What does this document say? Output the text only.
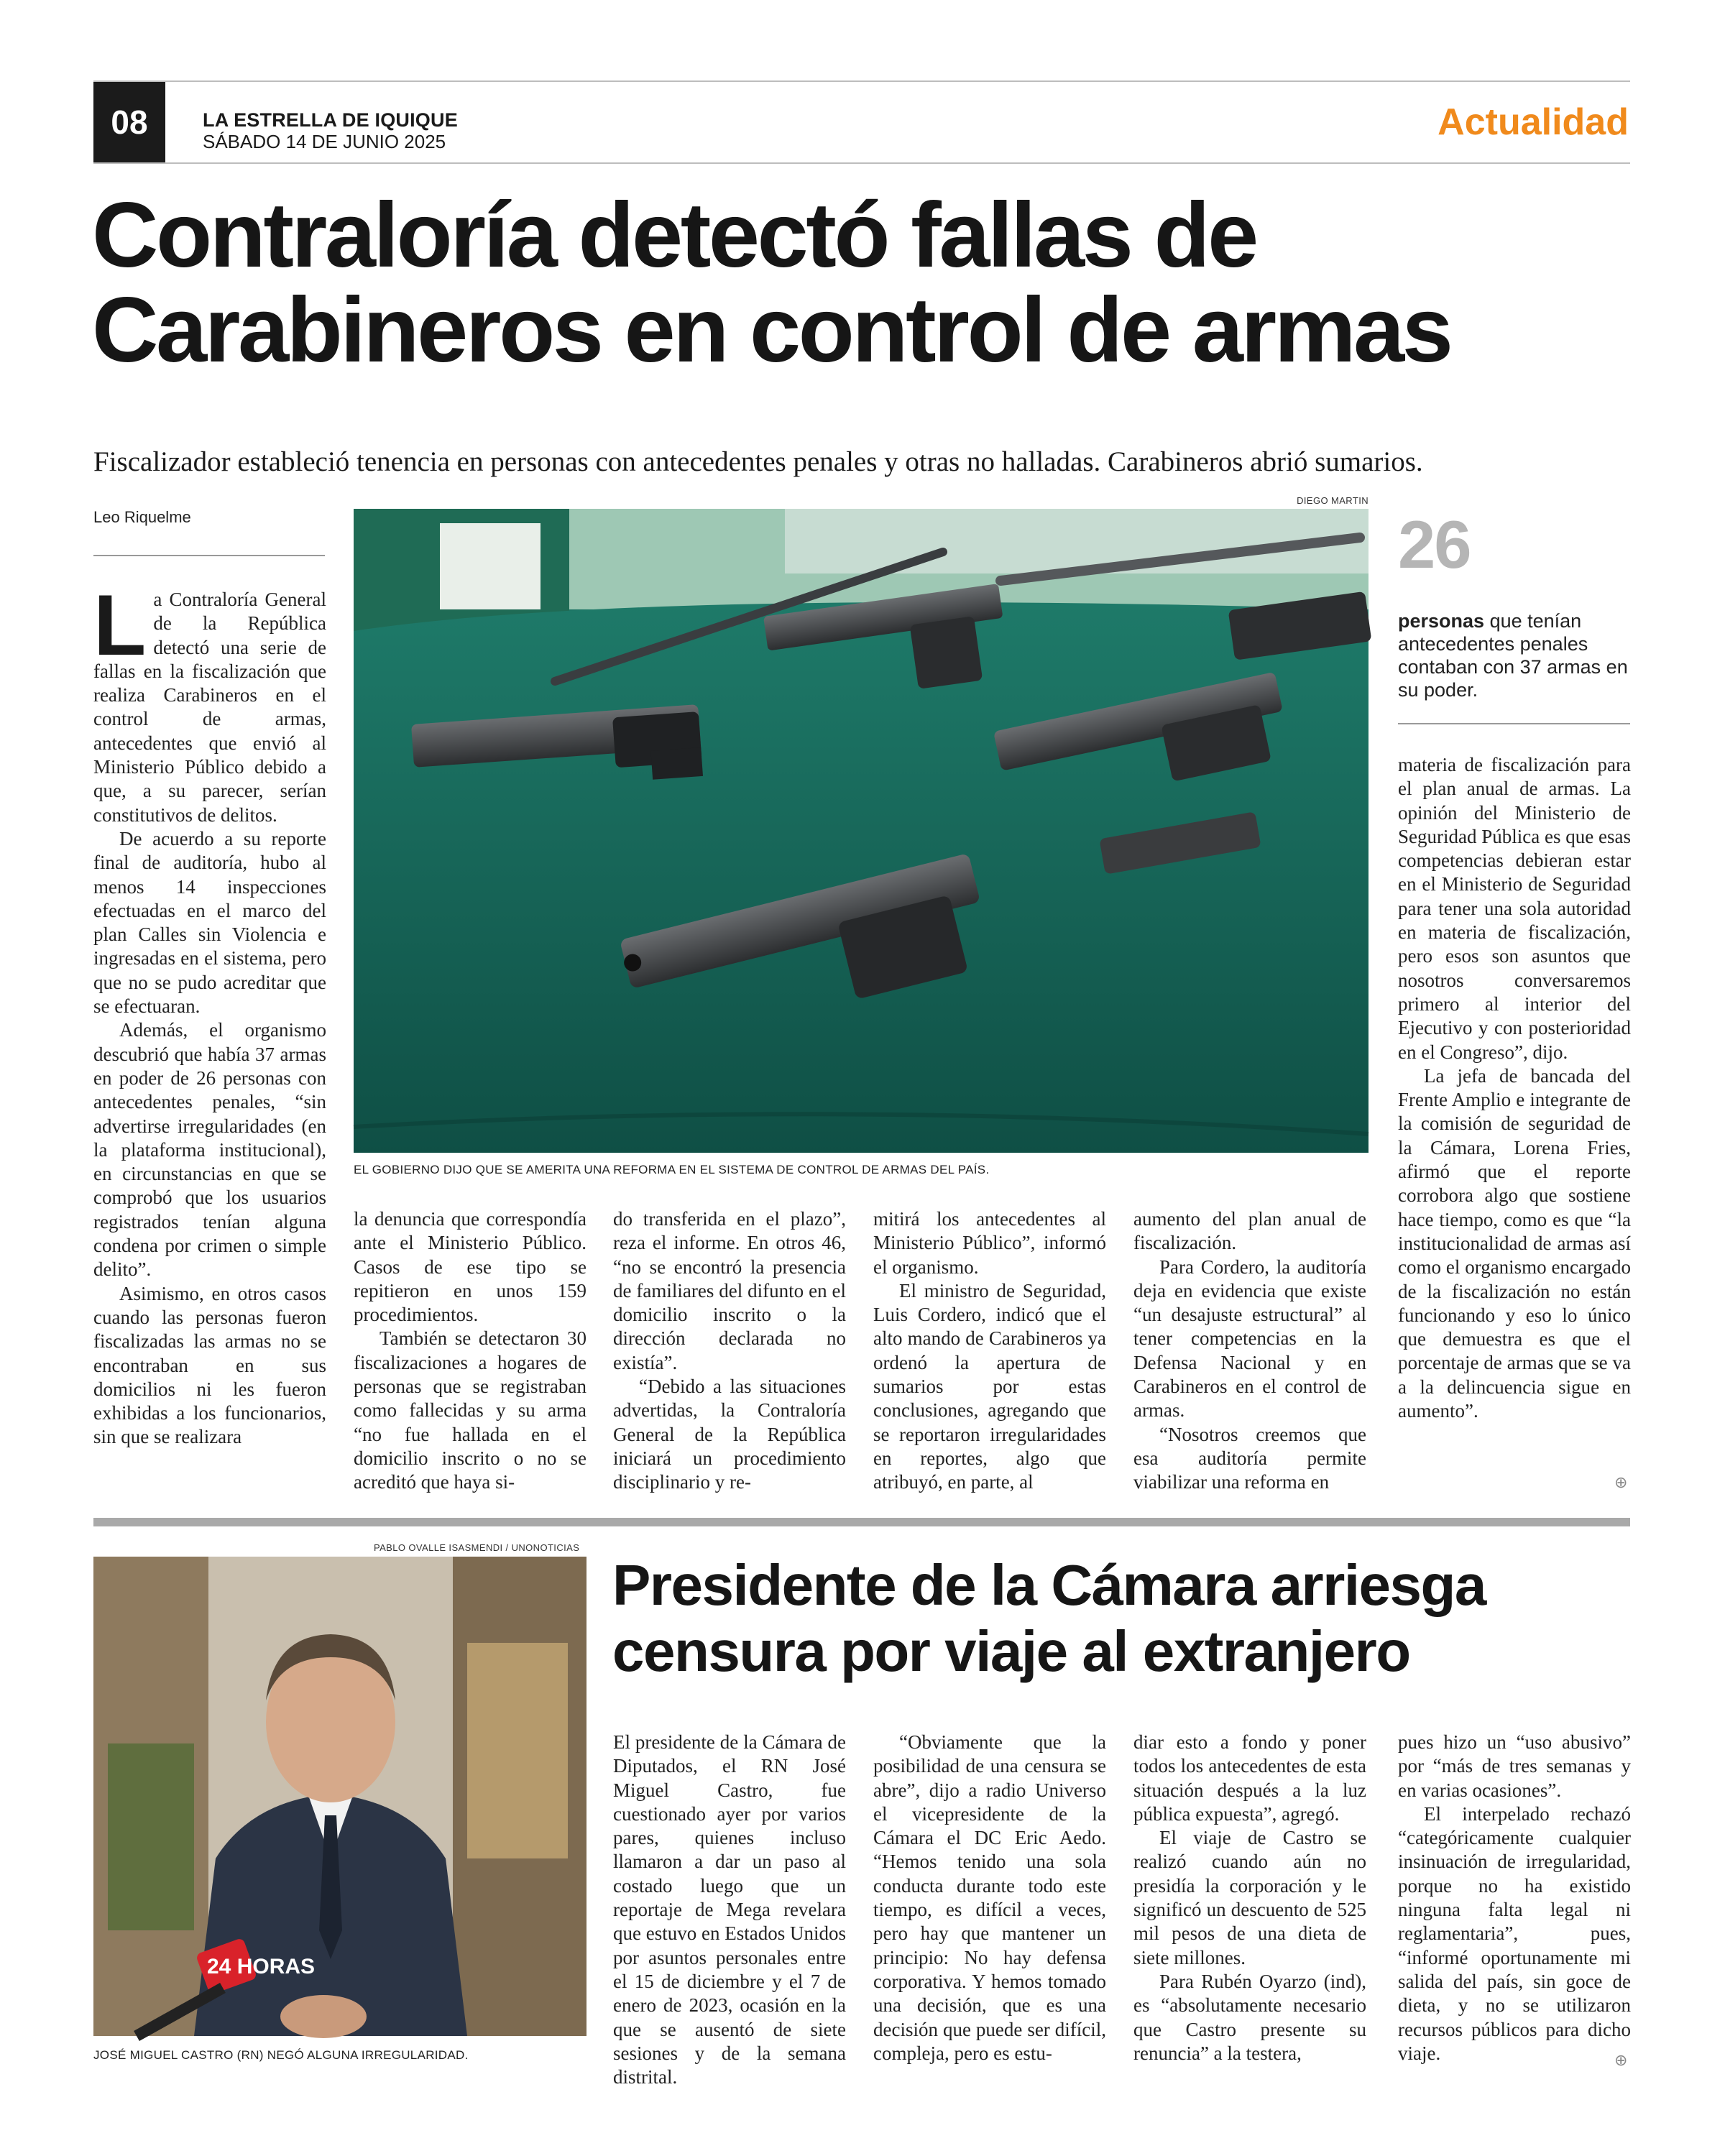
08	LA ESTRELLA DE IQUIQUE
SÁBADO 14 DE JUNIO 2025	Actualidad
Contraloría detectó fallas de
Carabineros en control de armas
Fiscalizador estableció tenencia en personas con antecedentes penales y otras no halladas. Carabineros abrió sumarios.
Leo Riquelme
DIEGO MARTIN
EL GOBIERNO DIJO QUE SE AMERITA UNA REFORMA EN EL SISTEMA DE CONTROL DE ARMAS DEL PAÍS.
26
personas que tenían antecedentes penales contaban con 37 armas en su poder.

La Contraloría General de la República detectó una serie de fallas en la fiscalización que realiza Carabineros en el control de armas, antecedentes que envió al Ministerio Público debido a que, a su parecer, serían constitutivos de delitos.

De acuerdo a su reporte final de auditoría, hubo al menos 14 inspecciones efectuadas en el marco del plan Calles sin Violencia e ingresadas en el sistema, pero que no se pudo acreditar que se efectuaran.

Además, el organismo descubrió que había 37 armas en poder de 26 personas con antecedentes penales, “sin advertirse irregularidades (en la plataforma institucional), en circunstancias en que se comprobó que los usuarios registrados tenían alguna condena por crimen o simple delito”.

Asimismo, en otros casos cuando las personas fueron fiscalizadas las armas no se encontraban en sus domicilios ni les fueron exhibidas a los funcionarios, sin que se realizara

la denuncia que correspondía ante el Ministerio Público. Casos de ese tipo se repitieron en unos 159 procedimientos.

También se detectaron 30 fiscalizaciones a hogares de personas que se registraban como fallecidas y su arma “no fue hallada en el domicilio inscrito o no se acreditó que haya si-

do transferida en el plazo”, reza el informe. En otros 46, “no se encontró la presencia de familiares del difunto en el domicilio inscrito o la dirección declarada no existía”.

“Debido a las situaciones advertidas, la Contraloría General de la República iniciará un procedimiento disciplinario y re-

mitirá los antecedentes al Ministerio Público”, informó el organismo.

El ministro de Seguridad, Luis Cordero, indicó que el alto mando de Carabineros ya ordenó la apertura de sumarios por estas conclusiones, agregando que se reportaron irregularidades en reportes, algo que atribuyó, en parte, al

aumento del plan anual de fiscalización.

Para Cordero, la auditoría deja en evidencia que existe “un desajuste estructural” al tener competencias en la Defensa Nacional y en Carabineros en el control de armas.

“Nosotros creemos que esa auditoría permite viabilizar una reforma en

materia de fiscalización para el plan anual de armas. La opinión del Ministerio de Seguridad Pública es que esas competencias debieran estar en el Ministerio de Seguridad para tener una sola autoridad en materia de fiscalización, pero esos son asuntos que nosotros conversaremos primero al interior del Ejecutivo y con posterioridad en el Congreso”, dijo.

La jefa de bancada del Frente Amplio e integrante de la comisión de seguridad de la Cámara, Lorena Fries, afirmó que el reporte corrobora algo que sostiene hace tiempo, como es que “la institucionalidad de armas así como el organismo encargado de la fiscalización no están funcionando y eso lo único que demuestra es que el porcentaje de armas que se va a la delincuencia sigue en aumento”.

⊕
PABLO OVALLE ISASMENDI / UNONOTICIAS
24 HORAS
JOSÉ MIGUEL CASTRO (RN) NEGÓ ALGUNA IRREGULARIDAD.
Presidente de la Cámara arriesga
censura por viaje al extranjero

El presidente de la Cámara de Diputados, el RN José Miguel Castro, fue cuestionado ayer por varios pares, quienes incluso llamaron a dar un paso al costado luego que un reportaje de Mega revelara que estuvo en Estados Unidos por asuntos personales entre el 15 de diciembre y el 7 de enero de 2023, ocasión en la que se ausentó de siete sesiones y de la semana distrital.

“Obviamente que la posibilidad de una censura se abre”, dijo a radio Universo el vicepresidente de la Cámara el DC Eric Aedo. “Hemos tenido una sola conducta durante todo este tiempo, es difícil a veces, pero hay que mantener un principio: No hay defensa corporativa. Y hemos tomado una decisión, que es una decisión que puede ser difícil, compleja, pero es estu-

diar esto a fondo y poner todos los antecedentes de esta situación después a la luz pública expuesta”, agregó.

El viaje de Castro se realizó cuando aún no presidía la corporación y le significó un descuento de 525 mil pesos de una dieta de siete millones.

Para Rubén Oyarzo (ind), es “absolutamente necesario que Castro presente su renuncia” a la testera,

pues hizo un “uso abusivo” por “más de tres semanas y en varias ocasiones”.

El interpelado rechazó “categóricamente cualquier insinuación de irregularidad, porque no ha existido ninguna falta legal ni reglamentaria”, pues, “informé oportunamente mi salida del país, sin goce de dieta, y no se utilizaron recursos públicos para dicho viaje.	⊕
